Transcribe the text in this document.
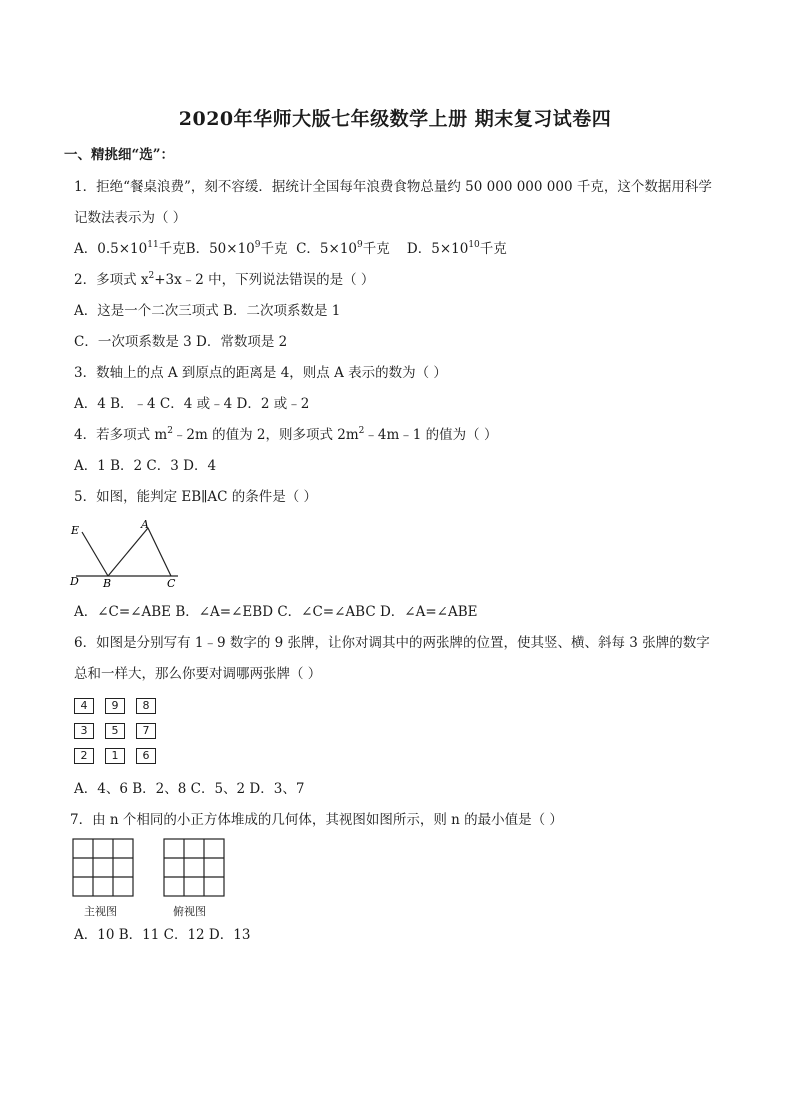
2020年华师大版七年级数学上册 期末复习试卷四
一、精挑细“选”：
1．拒绝“餐桌浪费”，刻不容缓．据统计全国每年浪费食物总量约 50 000 000 000 千克，这个数据用科学
记数法表示为（ ）
A．$0.5\times 10^{11}$千克B．$50\times 10^9$千克 C．$5\times 10^9$千克 D．$5\times 10^{10}$千克
2．多项式 $x^2+3x﹣2$ 中，下列说法错误的是（ ）
A．这是一个二次三项式 B．二次项系数是 1
C．一次项系数是 3 D．常数项是 2
3．数轴上的点 A 到原点的距离是 4，则点 A 表示的数为（ ）
A．4 B．﹣4 C．4 或﹣4 D．2 或﹣2
4．若多项式 $m^2﹣2m$ 的值为 2，则多项式 $2m^2﹣4m﹣1$ 的值为（ ）
A．1 B．2 C．3 D．4
5．如图，能判定 EB∥AC 的条件是（ ）
E	A
D B	C
A．∠C=∠ABE B．∠A=∠EBD C．∠C=∠ABC D．∠A=∠ABE
6．如图是分别写有 1﹣9 数字的 9 张牌，让你对调其中的两张牌的位置，使其竖、横、斜每 3 张牌的数字
总和一样大，那么你要对调哪两张牌（ ）
4	9	8
3	5	7
2	1	6
A．4、6 B．2、8 C．5、2 D．3、7
7．由 n 个相同的小正方体堆成的几何体，其视图如图所示，则 n 的最小值是（ ）
主视图	俯视图
A．10 B．11 C．12 D．13
